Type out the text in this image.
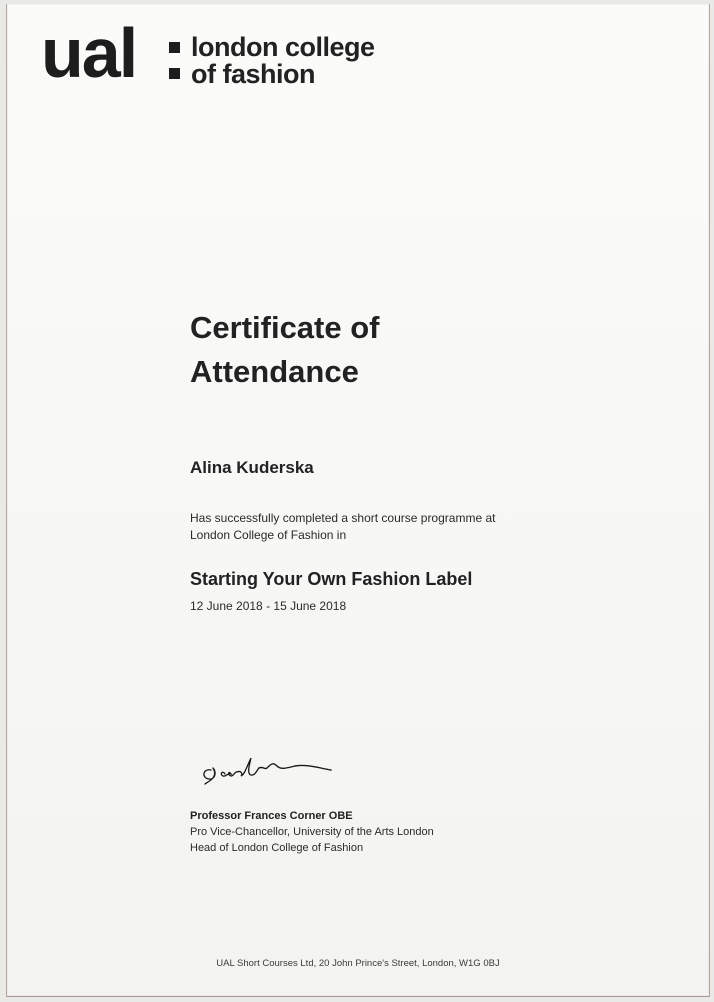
ual london college
of fashion
Certificate of
Attendance
Alina Kuderska
Has successfully completed a short course programme at
London College of Fashion in
Starting Your Own Fashion Label
12 June 2018 - 15 June 2018
Professor Frances Corner OBE
Pro Vice-Chancellor, University of the Arts London
Head of London College of Fashion
UAL Short Courses Ltd, 20 John Prince's Street, London, W1G 0BJ
